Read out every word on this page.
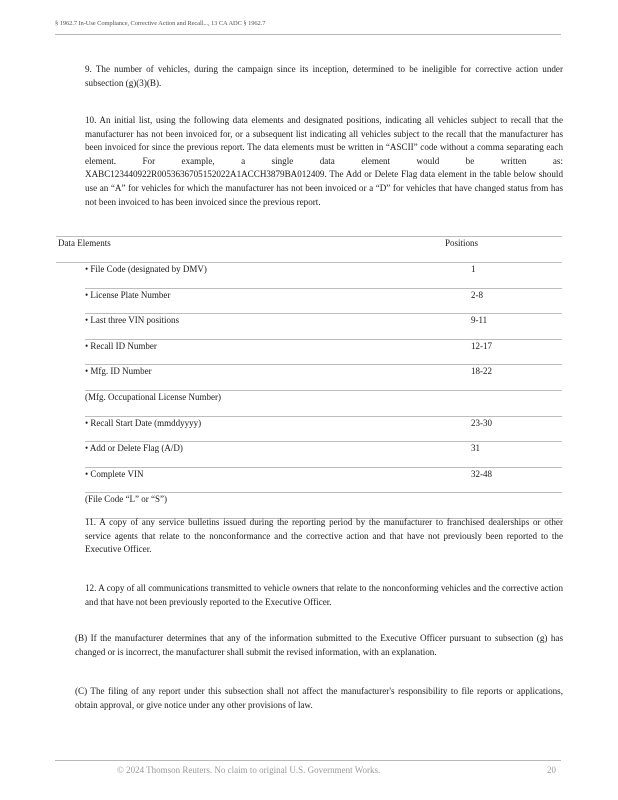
§ 1962.7 In-Use Compliance, Corrective Action and Recall..., 13 CA ADC § 1962.7
9. The number of vehicles, during the campaign since its inception, determined to be ineligible for corrective action under subsection (g)(3)(B).
10. An initial list, using the following data elements and designated positions, indicating all vehicles subject to recall that the manufacturer has not been invoiced for, or a subsequent list indicating all vehicles subject to the recall that the manufacturer has been invoiced for since the previous report. The data elements must be written in “ASCII” code without a comma separating each element. For example, a single data element would be written as: XABC123440922R0053636705152022A1ACCH3879BA012409. The Add or Delete Flag data element in the table below should use an “A” for vehicles for which the manufacturer has not been invoiced or a “D” for vehicles that have changed status from has not been invoiced to has been invoiced since the previous report.
Data Elements	Positions
• File Code (designated by DMV)	1
• License Plate Number	2-8
• Last three VIN positions	9-11
• Recall ID Number	12-17
• Mfg. ID Number	18-22
(Mfg. Occupational License Number)
• Recall Start Date (mmddyyyy)	23-30
• Add or Delete Flag (A/D)	31
• Complete VIN	32-48
(File Code “L” or “S”)
11. A copy of any service bulletins issued during the reporting period by the manufacturer to franchised dealerships or other service agents that relate to the nonconformance and the corrective action and that have not previously been reported to the Executive Officer.
12. A copy of all communications transmitted to vehicle owners that relate to the nonconforming vehicles and the corrective action and that have not been previously reported to the Executive Officer.
(B) If the manufacturer determines that any of the information submitted to the Executive Officer pursuant to subsection (g) has changed or is incorrect, the manufacturer shall submit the revised information, with an explanation.
(C) The filing of any report under this subsection shall not affect the manufacturer's responsibility to file reports or applications, obtain approval, or give notice under any other provisions of law.
© 2024 Thomson Reuters. No claim to original U.S. Government Works.	20
